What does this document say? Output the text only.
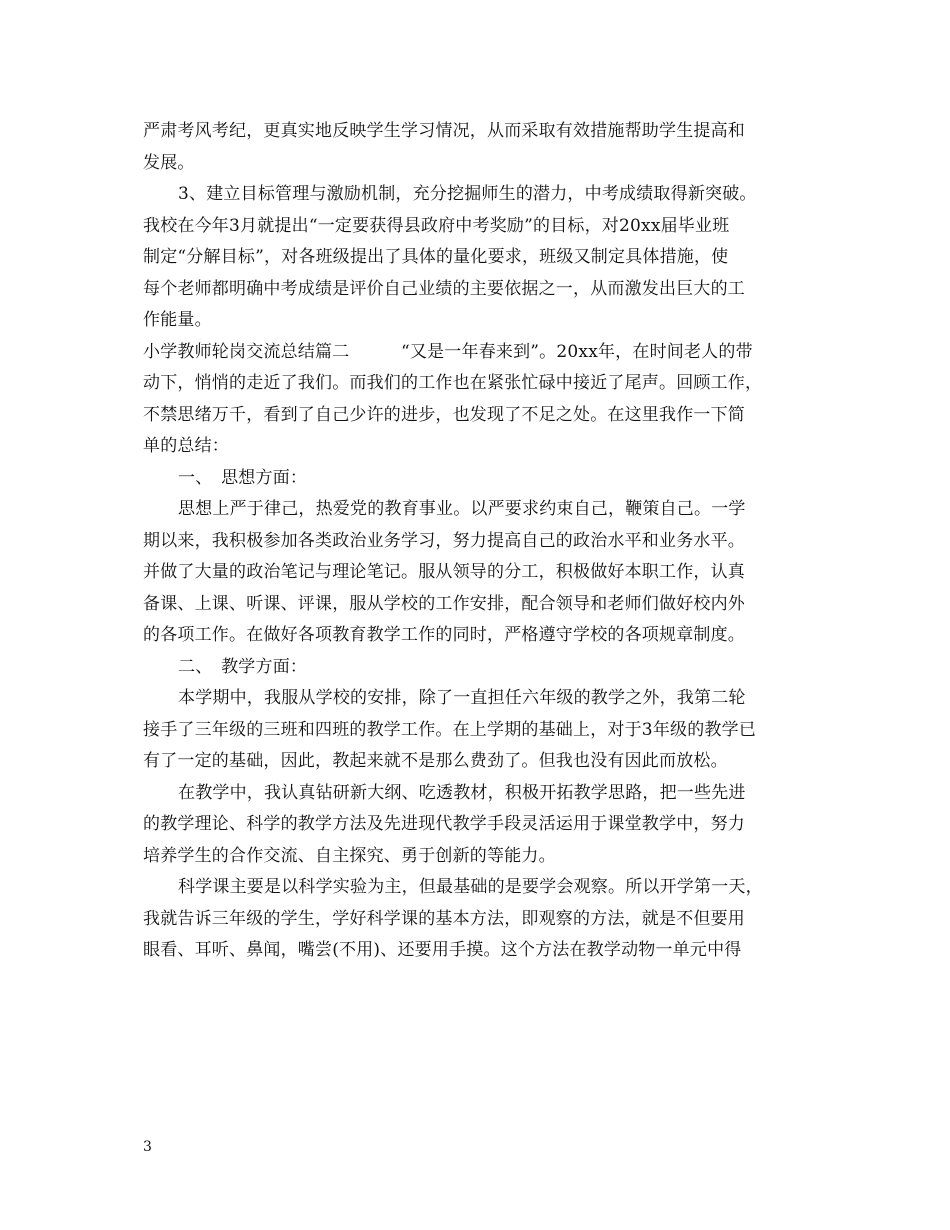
严肃考风考纪，更真实地反映学生学习情况，从而采取有效措施帮助学生提高和
发展。
3、建立目标管理与激励机制，充分挖掘师生的潜力，中考成绩取得新突破。
我校在今年3月就提出“一定要获得县政府中考奖励”的目标，对20xx届毕业班
制定“分解目标”，对各班级提出了具体的量化要求，班级又制定具体措施，使
每个老师都明确中考成绩是评价自己业绩的主要依据之一，从而激发出巨大的工
作能量。
小学教师轮岗交流总结篇二　　　“又是一年春来到”。20xx年，在时间老人的带
动下，悄悄的走近了我们。而我们的工作也在紧张忙碌中接近了尾声。回顾工作，
不禁思绪万千，看到了自己少许的进步，也发现了不足之处。在这里我作一下简
单的总结：
一、　思想方面：
思想上严于律己，热爱党的教育事业。以严要求约束自己，鞭策自己。一学
期以来，我积极参加各类政治业务学习，努力提高自己的政治水平和业务水平。
并做了大量的政治笔记与理论笔记。服从领导的分工，积极做好本职工作，认真
备课、上课、听课、评课，服从学校的工作安排，配合领导和老师们做好校内外
的各项工作。在做好各项教育教学工作的同时，严格遵守学校的各项规章制度。
二、　教学方面：
本学期中，我服从学校的安排，除了一直担任六年级的教学之外，我第二轮
接手了三年级的三班和四班的教学工作。在上学期的基础上，对于3年级的教学已
有了一定的基础，因此，教起来就不是那么费劲了。但我也没有因此而放松。
在教学中，我认真钻研新大纲、吃透教材，积极开拓教学思路，把一些先进
的教学理论、科学的教学方法及先进现代教学手段灵活运用于课堂教学中，努力
培养学生的合作交流、自主探究、勇于创新的等能力。
科学课主要是以科学实验为主，但最基础的是要学会观察。所以开学第一天，
我就告诉三年级的学生，学好科学课的基本方法，即观察的方法，就是不但要用
眼看、耳听、鼻闻，嘴尝(不用)、还要用手摸。这个方法在教学动物一单元中得
3
